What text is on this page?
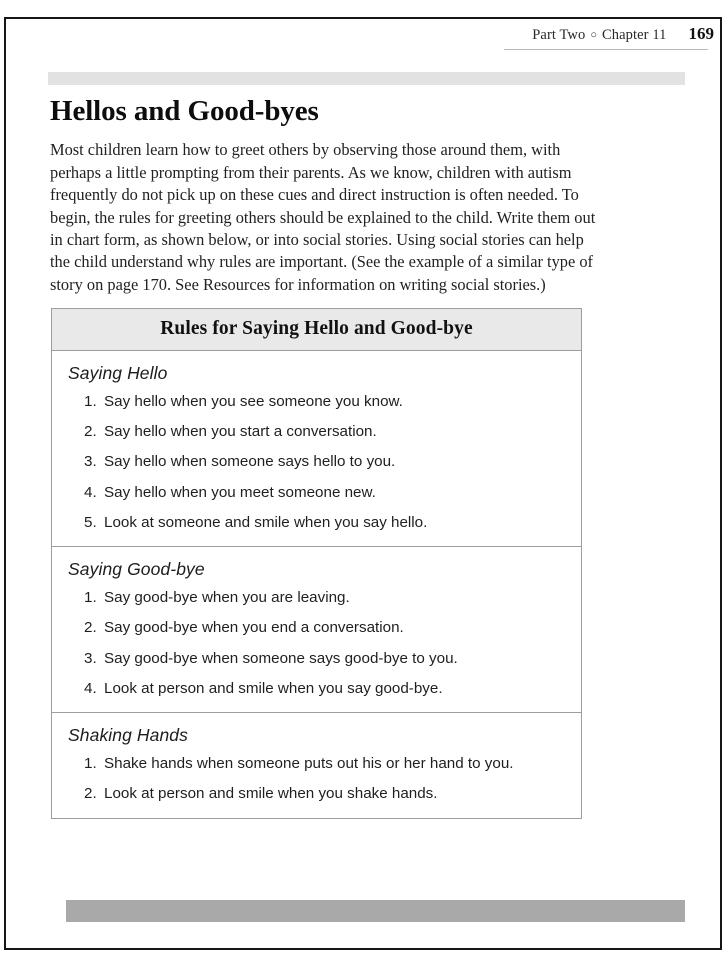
Part Two ○ Chapter 11 169
Hellos and Good-byes

Most children learn how to greet others by observing those around them, with perhaps a little prompting from their parents. As we know, children with autism frequently do not pick up on these cues and direct instruction is often needed. To begin, the rules for greeting others should be explained to the child. Write them out in chart form, as shown below, or into social stories. Using social stories can help the child understand why rules are important. (See the example of a similar type of story on page 170. See Resources for information on writing social stories.)

Rules for Saying Hello and Good-bye
Saying Hello
1. Say hello when you see someone you know.
2. Say hello when you start a conversation.
3. Say hello when someone says hello to you.
4. Say hello when you meet someone new.
5. Look at someone and smile when you say hello.
Saying Good-bye
1. Say good-bye when you are leaving.
2. Say good-bye when you end a conversation.
3. Say good-bye when someone says good-bye to you.
4. Look at person and smile when you say good-bye.
Shaking Hands
1. Shake hands when someone puts out his or her hand to you.
2. Look at person and smile when you shake hands.
